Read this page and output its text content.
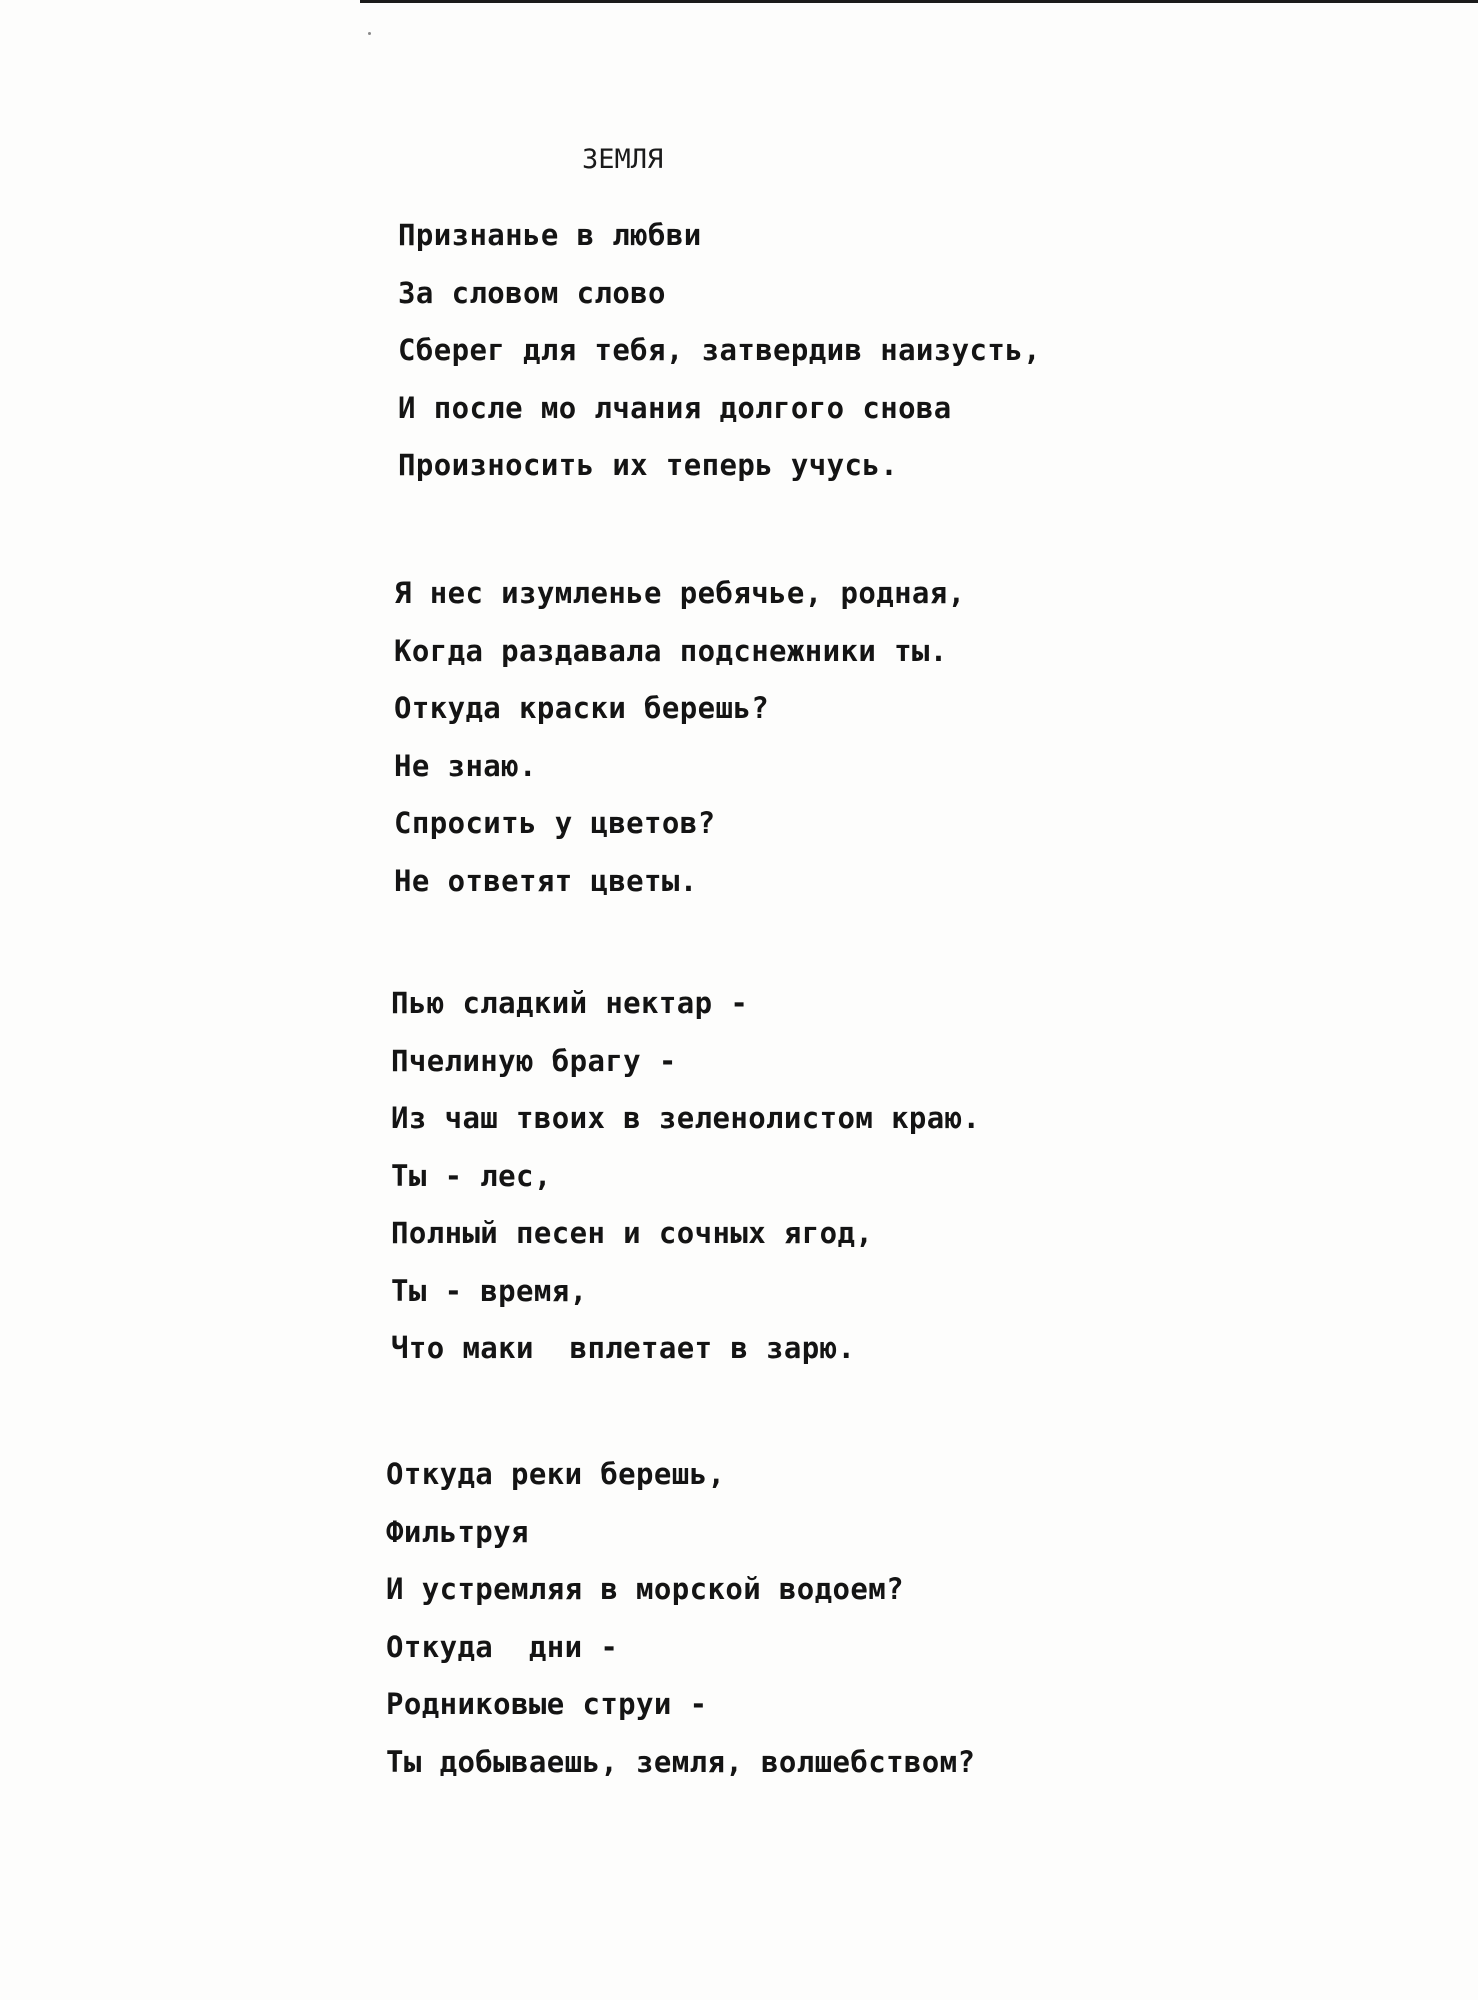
ЗЕМЛЯ
Признанье в любви
За словом слово
Сберег для тебя, затвердив наизусть,
И после мо лчания долгого снова
Произносить их теперь учусь.
Я нес изумленье ребячье, родная,
Когда раздавала подснежники ты.
Откуда краски берешь?
Не знаю.
Спросить у цветов?
Не ответят цветы.
Пью сладкий нектар -
Пчелиную брагу -
Из чаш твоих в зеленолистом краю.
Ты - лес,
Полный песен и сочных ягод,
Ты - время,
Что маки  вплетает в зарю.
Откуда реки берешь,
Фильтруя
И устремляя в морской водоем?
Откуда  дни -
Родниковые струи -
Ты добываешь, земля, волшебством?
